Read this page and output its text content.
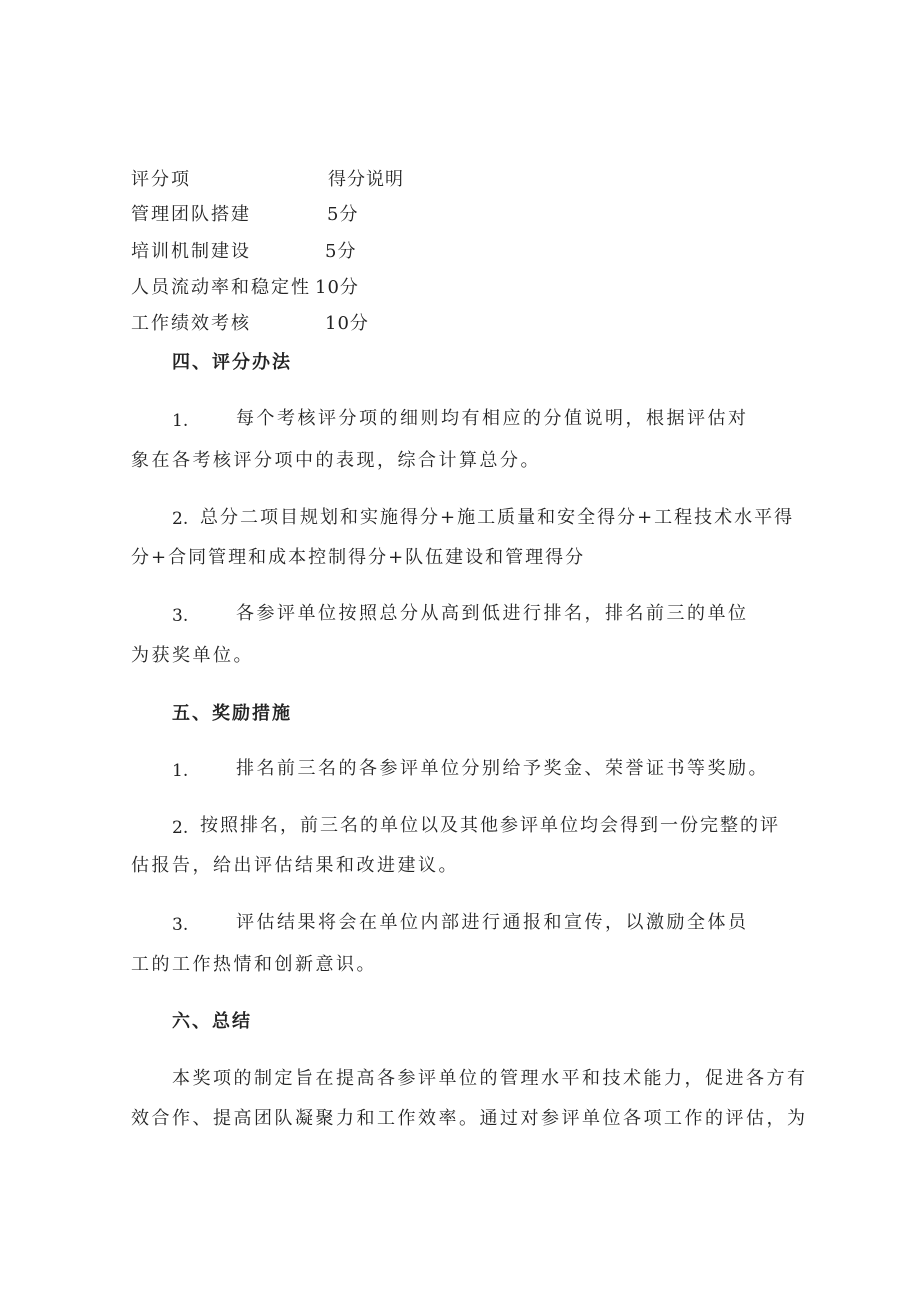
评分项	得分说明
管理团队搭建	5分
培训机制建设	5分
人员流动率和稳定性 10分
工作绩效考核	10分
四、评分办法
1.	每个考核评分项的细则均有相应的分值说明，根据评估对
象在各考核评分项中的表现，综合计算总分。
2. 总分二项目规划和实施得分+施工质量和安全得分+工程技术水平得
分+合同管理和成本控制得分+队伍建设和管理得分
3.	各参评单位按照总分从高到低进行排名，排名前三的单位
为获奖单位。
五、奖励措施
1.	排名前三名的各参评单位分别给予奖金、荣誉证书等奖励。
2. 按照排名，前三名的单位以及其他参评单位均会得到一份完整的评
估报告，给出评估结果和改进建议。
3.	评估结果将会在单位内部进行通报和宣传，以激励全体员
工的工作热情和创新意识。
六、总结
本奖项的制定旨在提高各参评单位的管理水平和技术能力，促进各方有
效合作、提高团队凝聚力和工作效率。通过对参评单位各项工作的评估，为
